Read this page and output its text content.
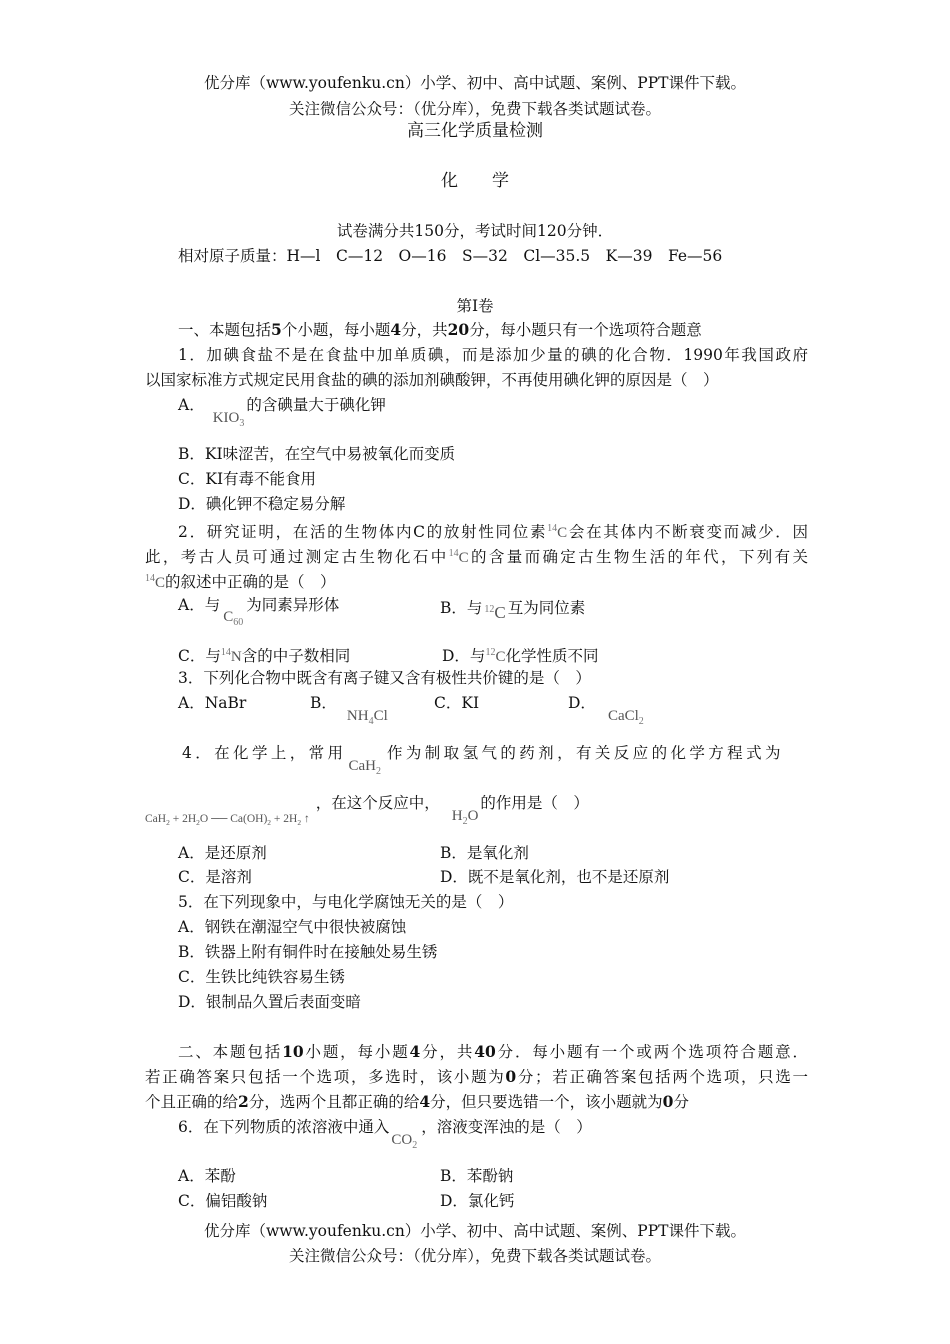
优分库（www.youfenku.cn）小学、初中、高中试题、案例、PPT课件下载。
关注微信公众号：（优分库），免费下载各类试题试卷。
高三化学质量检测
化　　学
试卷满分共150分，考试时间120分钟．
相对原子质量：H—l　C—12　O—16　S—32　Cl—35.5　K—39　Fe—56
第Ⅰ卷
一、本题包括5个小题，每小题4分，共20分，每小题只有一个选项符合题意
1．加碘食盐不是在食盐中加单质碘，而是添加少量的碘的化合物．1990年我国政府
以国家标准方式规定民用食盐的碘的添加剂碘酸钾，不再使用碘化钾的原因是（　）
A．$KIO_3$的含碘量大于碘化钾
B．KI味涩苦，在空气中易被氧化而变质
C．KI有毒不能食用
D．碘化钾不稳定易分解
2．研究证明，在活的生物体内C的放射性同位素$^{14}$C会在其体内不断衰变而减少．因
此，考古人员可通过测定古生物化石中$^{14}$C的含量而确定古生物生活的年代，下列有关
$^{14}$C的叙述中正确的是（　）
A．与$C_{60}$为同素异形体	B．与 $^{12}$C 互为同位素
C．与$^{14}$N含的中子数相同	D．与$^{12}$C化学性质不同
3．下列化合物中既含有离子键又含有极性共价键的是（　）
A．NaBr	B．$NH_4Cl$
C．KI	D．CaCl$_2$
4．在化学上，常用CaH$_2$作为制取氢气的药剂，有关反应的化学方程式为
$_{CaH_2 + 2H_2O ── Ca(OH)_2 + 2H_2 ↑}$，在这个反应中，$H_2O$的作用是（　）
A．是还原剂	B．是氧化剂
C．是溶剂	D．既不是氧化剂，也不是还原剂
5．在下列现象中，与电化学腐蚀无关的是（　）
A．钢铁在潮湿空气中很快被腐蚀
B．铁器上附有铜件时在接触处易生锈
C．生铁比纯铁容易生锈
D．银制品久置后表面变暗
二、本题包括10小题，每小题4分，共40分．每小题有一个或两个选项符合题意．
若正确答案只包括一个选项，多选时，该小题为0分；若正确答案包括两个选项，只选一
个且正确的给2分，选两个且都正确的给4分，但只要选错一个，该小题就为0分
6．在下列物质的浓溶液中通入$CO_2$，溶液变浑浊的是（　）
A．苯酚	B．苯酚钠
C．偏铝酸钠	D．氯化钙
优分库（www.youfenku.cn）小学、初中、高中试题、案例、PPT课件下载。
关注微信公众号：（优分库），免费下载各类试题试卷。
